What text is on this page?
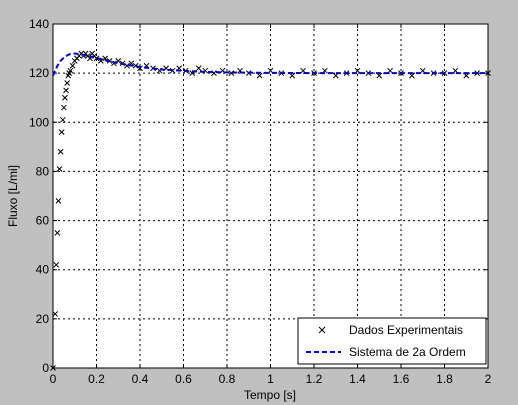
0	0.2 0.4 0.6 0.8	1	1.2 1.4 1.6 1.8	2
0
20
40
60
80
100
120
140
Tempo [s]
Fluxo [L/mi]
Dados Experimentais
Sistema de 2a Ordem
